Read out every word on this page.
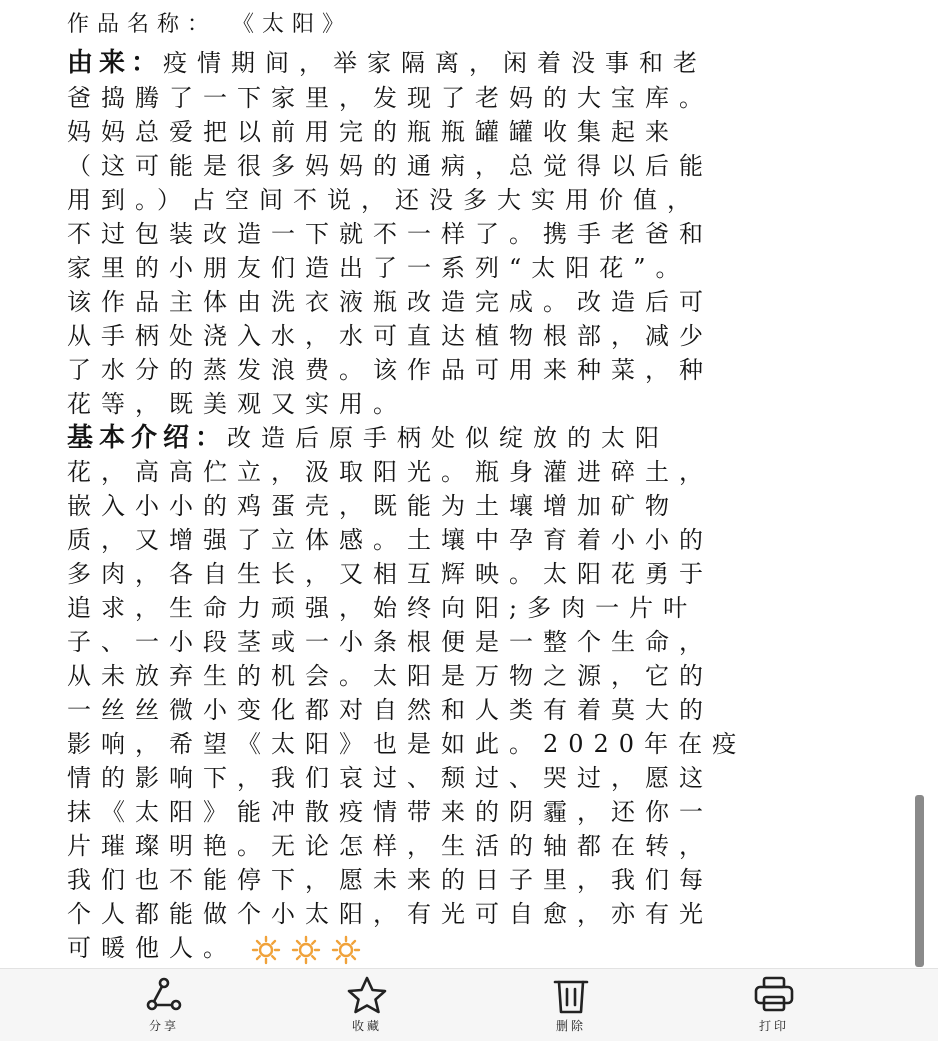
作品名称： 《太阳》
由来：疫情期间，举家隔离，闲着没事和老
爸捣腾了一下家里，发现了老妈的大宝库。
妈妈总爱把以前用完的瓶瓶罐罐收集起来
（这可能是很多妈妈的通病，总觉得以后能
用到。）占空间不说，还没多大实用价值，
不过包装改造一下就不一样了。携手老爸和
家里的小朋友们造出了一系列“太阳花”。
该作品主体由洗衣液瓶改造完成。改造后可
从手柄处浇入水，水可直达植物根部，减少
了水分的蒸发浪费。该作品可用来种菜，种
花等，既美观又实用。
基本介绍：改造后原手柄处似绽放的太阳
花，高高伫立，汲取阳光。瓶身灌进碎土，
嵌入小小的鸡蛋壳，既能为土壤增加矿物
质，又增强了立体感。土壤中孕育着小小的
多肉，各自生长，又相互辉映。太阳花勇于
追求，生命力顽强，始终向阳;多肉一片叶
子、一小段茎或一小条根便是一整个生命，
从未放弃生的机会。太阳是万物之源，它的
一丝丝微小变化都对自然和人类有着莫大的
影响，希望《太阳》也是如此。2020年在疫
情的影响下，我们哀过、颓过、哭过，愿这
抹《太阳》能冲散疫情带来的阴霾，还你一
片璀璨明艳。无论怎样，生活的轴都在转，
我们也不能停下，愿未来的日子里，我们每
个人都能做个小太阳，有光可自愈，亦有光
可暖他人。
分享	收藏	删除	打印
